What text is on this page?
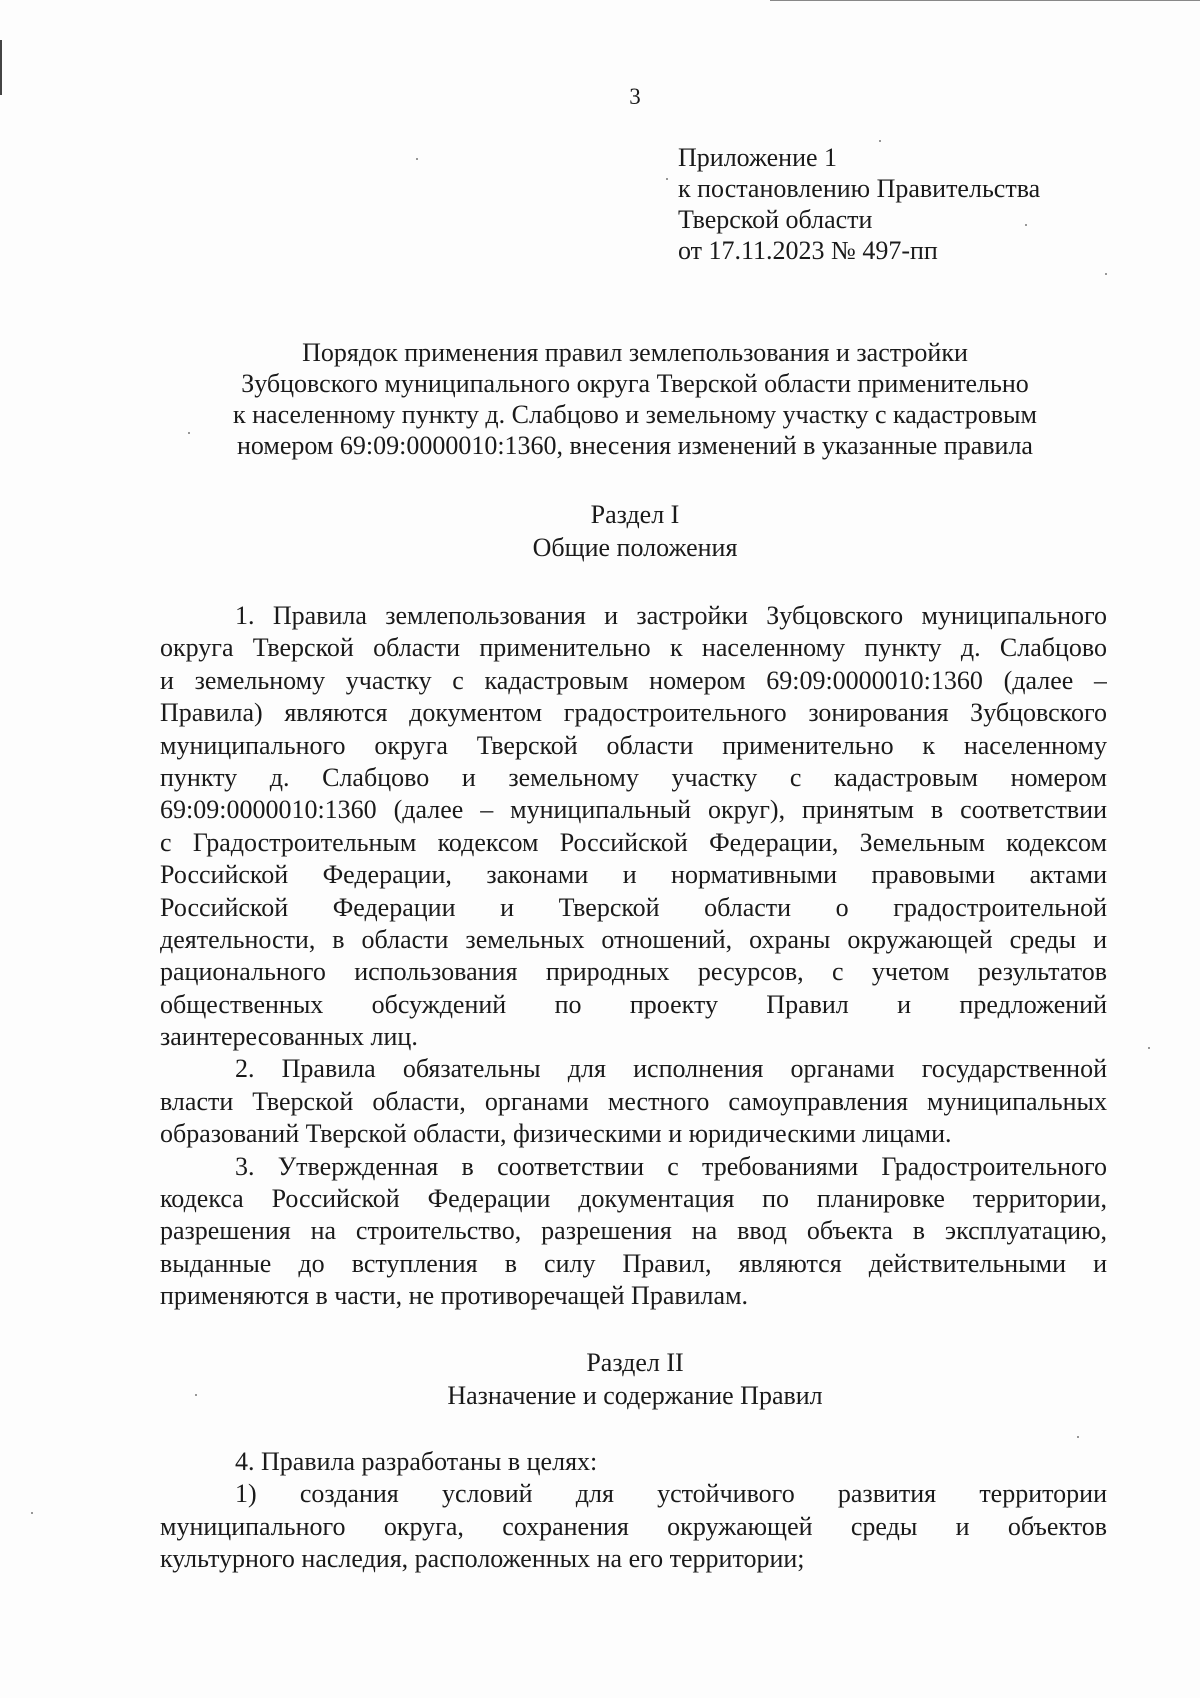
3
Приложение 1
к постановлению Правительства
Тверской области
от 17.11.2023 № 497-пп
Порядок применения правил землепользования и застройки
Зубцовского муниципального округа Тверской области применительно
к населенному пункту д. Слабцово и земельному участку с кадастровым
номером 69:09:0000010:1360, внесения изменений в указанные правила
Раздел I
Общие положения
1. Правила землепользования и застройки Зубцовского муниципального
округа Тверской области применительно к населенному пункту д. Слабцово
и земельному участку с кадастровым номером 69:09:0000010:1360 (далее –
Правила) являются документом градостроительного зонирования Зубцовского
муниципального округа Тверской области применительно к населенному
пункту д. Слабцово и земельному участку с кадастровым номером
69:09:0000010:1360 (далее – муниципальный округ), принятым в соответствии
с Градостроительным кодексом Российской Федерации, Земельным кодексом
Российской Федерации, законами и нормативными правовыми актами
Российской Федерации и Тверской области о градостроительной
деятельности, в области земельных отношений, охраны окружающей среды и
рационального использования природных ресурсов, с учетом результатов
общественных обсуждений по проекту Правил и предложений
заинтересованных лиц.
2. Правила обязательны для исполнения органами государственной
власти Тверской области, органами местного самоуправления муниципальных
образований Тверской области, физическими и юридическими лицами.
3. Утвержденная в соответствии с требованиями Градостроительного
кодекса Российской Федерации документация по планировке территории,
разрешения на строительство, разрешения на ввод объекта в эксплуатацию,
выданные до вступления в силу Правил, являются действительными и
применяются в части, не противоречащей Правилам.
Раздел II
Назначение и содержание Правил
4. Правила разработаны в целях:
1) создания условий для устойчивого развития территории
муниципального округа, сохранения окружающей среды и объектов
культурного наследия, расположенных на его территории;
